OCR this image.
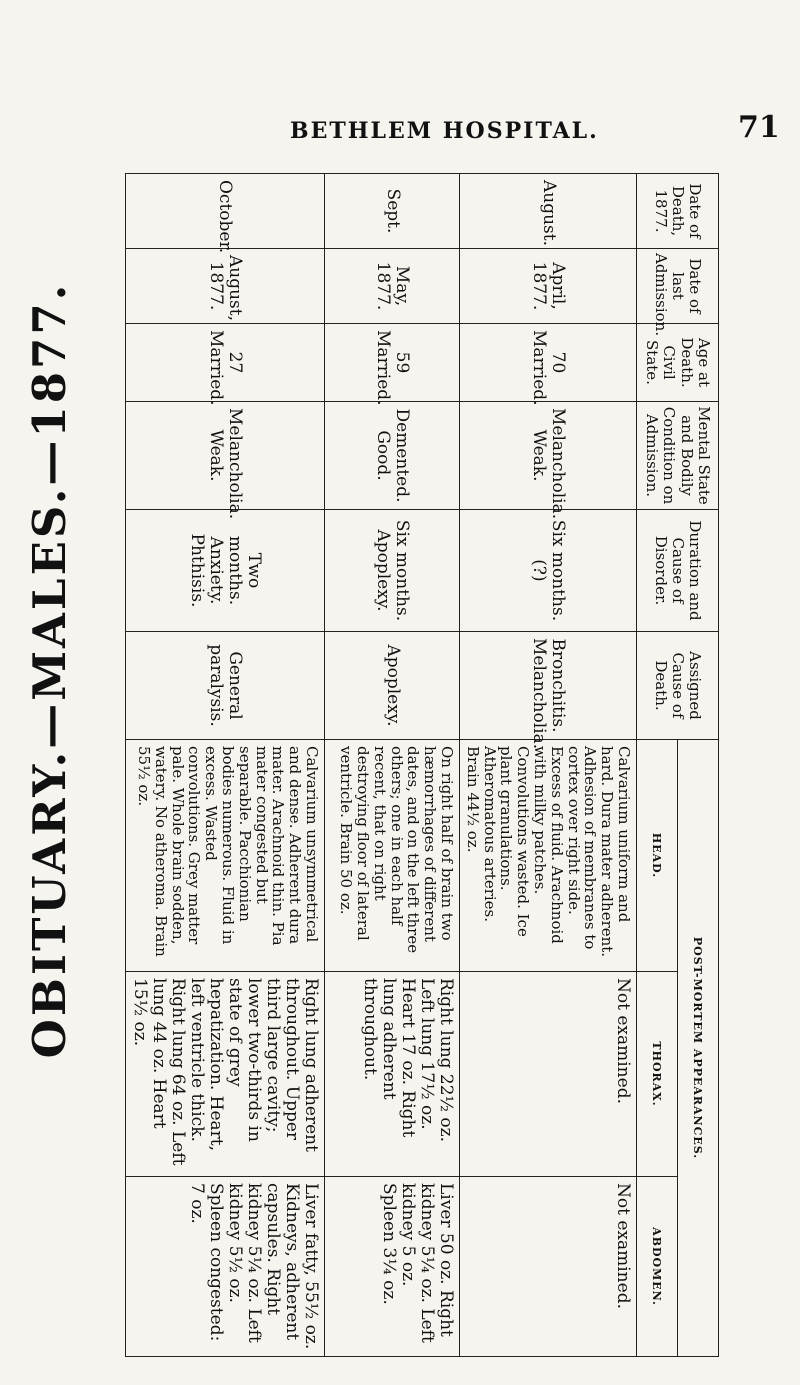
BETHLEM HOSPITAL.	71
OBITUARY.—MALES.—1877.
Date of Death, 1877.	Date of last Admission.	Age at Death. Civil State.	Mental State and Bodily Condition on Admission.	Duration and Cause of Disorder.	Assigned Cause of Death.	POST-MORTEM APPEARANCES.		
						HEAD.	THORAX.	ABDOMEN.
August.	April, 1877.	70 Married.	Melancholia. Weak.	Six months. (?)	Bronchitis. Melancholia.	Calvarium uniform and hard. Dura mater adherent. Adhesion of membranes to cortex over right side. Excess of fluid. Arachnoid with milky patches. Convolutions wasted. Ice plant granulations. Atheromatous arteries. Brain 44½ oz.	Not examined.	Not examined.
Sept.	May, 1877.	59 Married.	Demented. Good.	Six months. Apoplexy.	Apoplexy.	On right half of brain two hæmorrhages of different dates, and on the left three others; one in each half recent, that on right destroying floor of lateral ventricle. Brain 50 oz.	Right lung 22½ oz. Left lung 17½ oz. Heart 17 oz. Right lung adherent throughout.	Liver 50 oz. Right kidney 5¼ oz. Left kidney 5 oz. Spleen 3¼ oz.
October.	August, 1877.	27 Married.	Melancholia. Weak.	Two months. Anxiety. Phthisis.	General paralysis.	Calvarium unsymmetrical and dense. Adherent dura mater. Arachnoid thin. Pia mater congested but separable. Pacchionian bodies numerous. Fluid in excess. Wasted convolutions. Grey matter pale. Whole brain sodden, watery. No atheroma. Brain 55½ oz.	Right lung adherent throughout. Upper third large cavity; lower two-thirds in state of grey hepatization. Heart, left ventricle thick. Right lung 64 oz. Left lung 44 oz. Heart 15½ oz.	Liver fatty, 55½ oz. Kidneys, adherent capsules. Right kidney 5¼ oz. Left kidney 5½ oz. Spleen congested: 7 oz.
